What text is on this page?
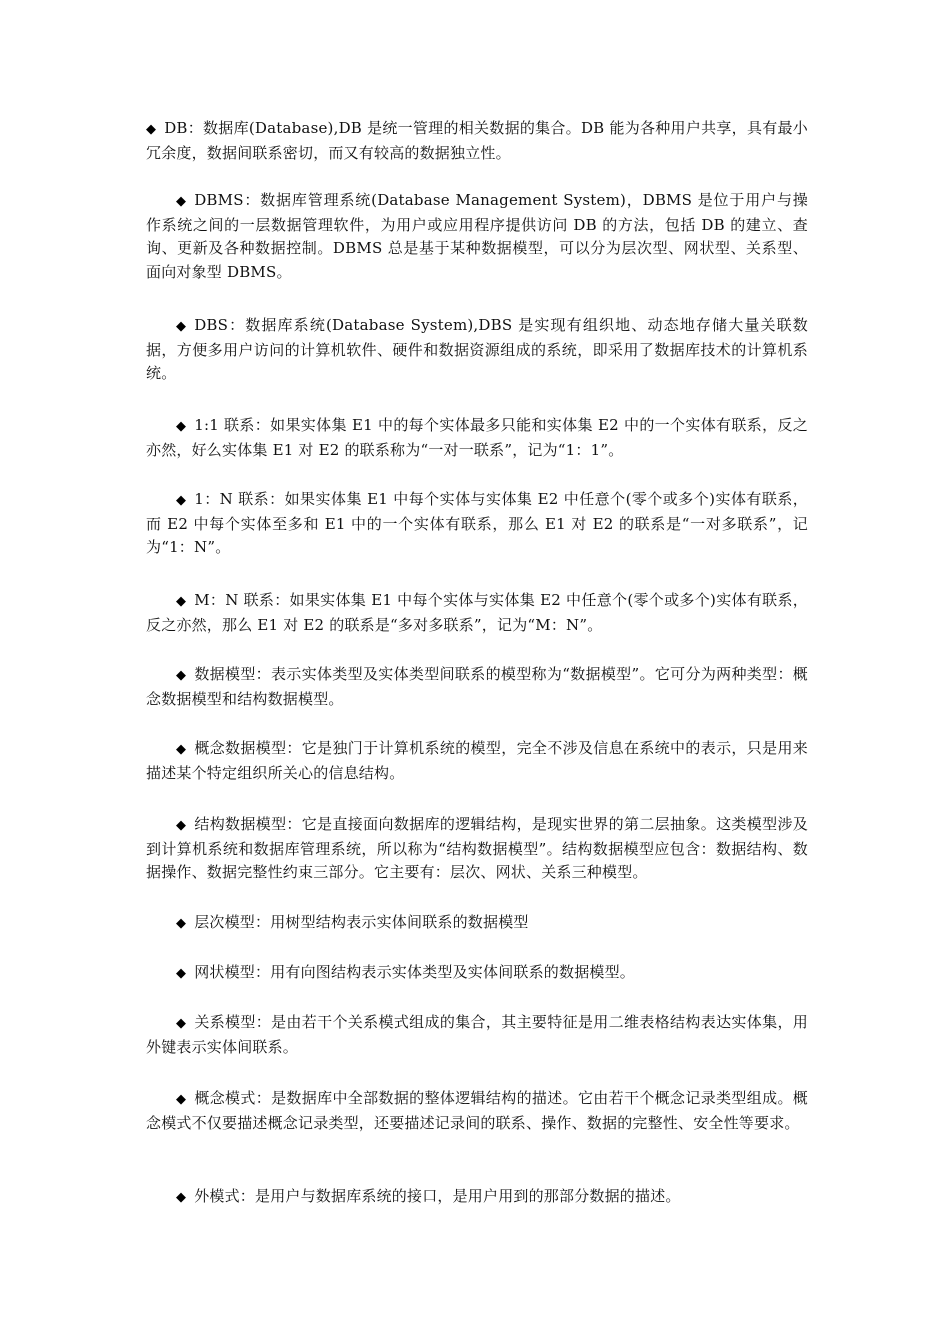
◆ DB：数据库(Database),DB 是统一管理的相关数据的集合。DB 能为各种用户共享，具有最小冗余度，数据间联系密切，而又有较高的数据独立性。

◆ DBMS：数据库管理系统(Database Management System)，DBMS 是位于用户与操作系统之间的一层数据管理软件，为用户或应用程序提供访问 DB 的方法，包括 DB 的建立、查询、更新及各种数据控制。DBMS 总是基于某种数据模型，可以分为层次型、网状型、关系型、面向对象型 DBMS。

◆ DBS：数据库系统(Database System),DBS 是实现有组织地、动态地存储大量关联数据，方便多用户访问的计算机软件、硬件和数据资源组成的系统，即采用了数据库技术的计算机系统。

◆ 1:1 联系：如果实体集 E1 中的每个实体最多只能和实体集 E2 中的一个实体有联系，反之亦然，好么实体集 E1 对 E2 的联系称为“一对一联系”，记为“1：1”。

◆ 1：N 联系：如果实体集 E1 中每个实体与实体集 E2 中任意个(零个或多个)实体有联系，而 E2 中每个实体至多和 E1 中的一个实体有联系，那么 E1 对 E2 的联系是“一对多联系”，记为“1：N”。

◆ M：N 联系：如果实体集 E1 中每个实体与实体集 E2 中任意个(零个或多个)实体有联系，反之亦然，那么 E1 对 E2 的联系是“多对多联系”，记为“M：N”。

◆ 数据模型：表示实体类型及实体类型间联系的模型称为“数据模型”。它可分为两种类型：概念数据模型和结构数据模型。

◆ 概念数据模型：它是独门于计算机系统的模型，完全不涉及信息在系统中的表示，只是用来描述某个特定组织所关心的信息结构。

◆ 结构数据模型：它是直接面向数据库的逻辑结构，是现实世界的第二层抽象。这类模型涉及到计算机系统和数据库管理系统，所以称为“结构数据模型”。结构数据模型应包含：数据结构、数据操作、数据完整性约束三部分。它主要有：层次、网状、关系三种模型。

◆ 层次模型：用树型结构表示实体间联系的数据模型

◆ 网状模型：用有向图结构表示实体类型及实体间联系的数据模型。

◆ 关系模型：是由若干个关系模式组成的集合，其主要特征是用二维表格结构表达实体集，用外键表示实体间联系。

◆ 概念模式：是数据库中全部数据的整体逻辑结构的描述。它由若干个概念记录类型组成。概念模式不仅要描述概念记录类型，还要描述记录间的联系、操作、数据的完整性、安全性等要求。

◆ 外模式：是用户与数据库系统的接口，是用户用到的那部分数据的描述。
